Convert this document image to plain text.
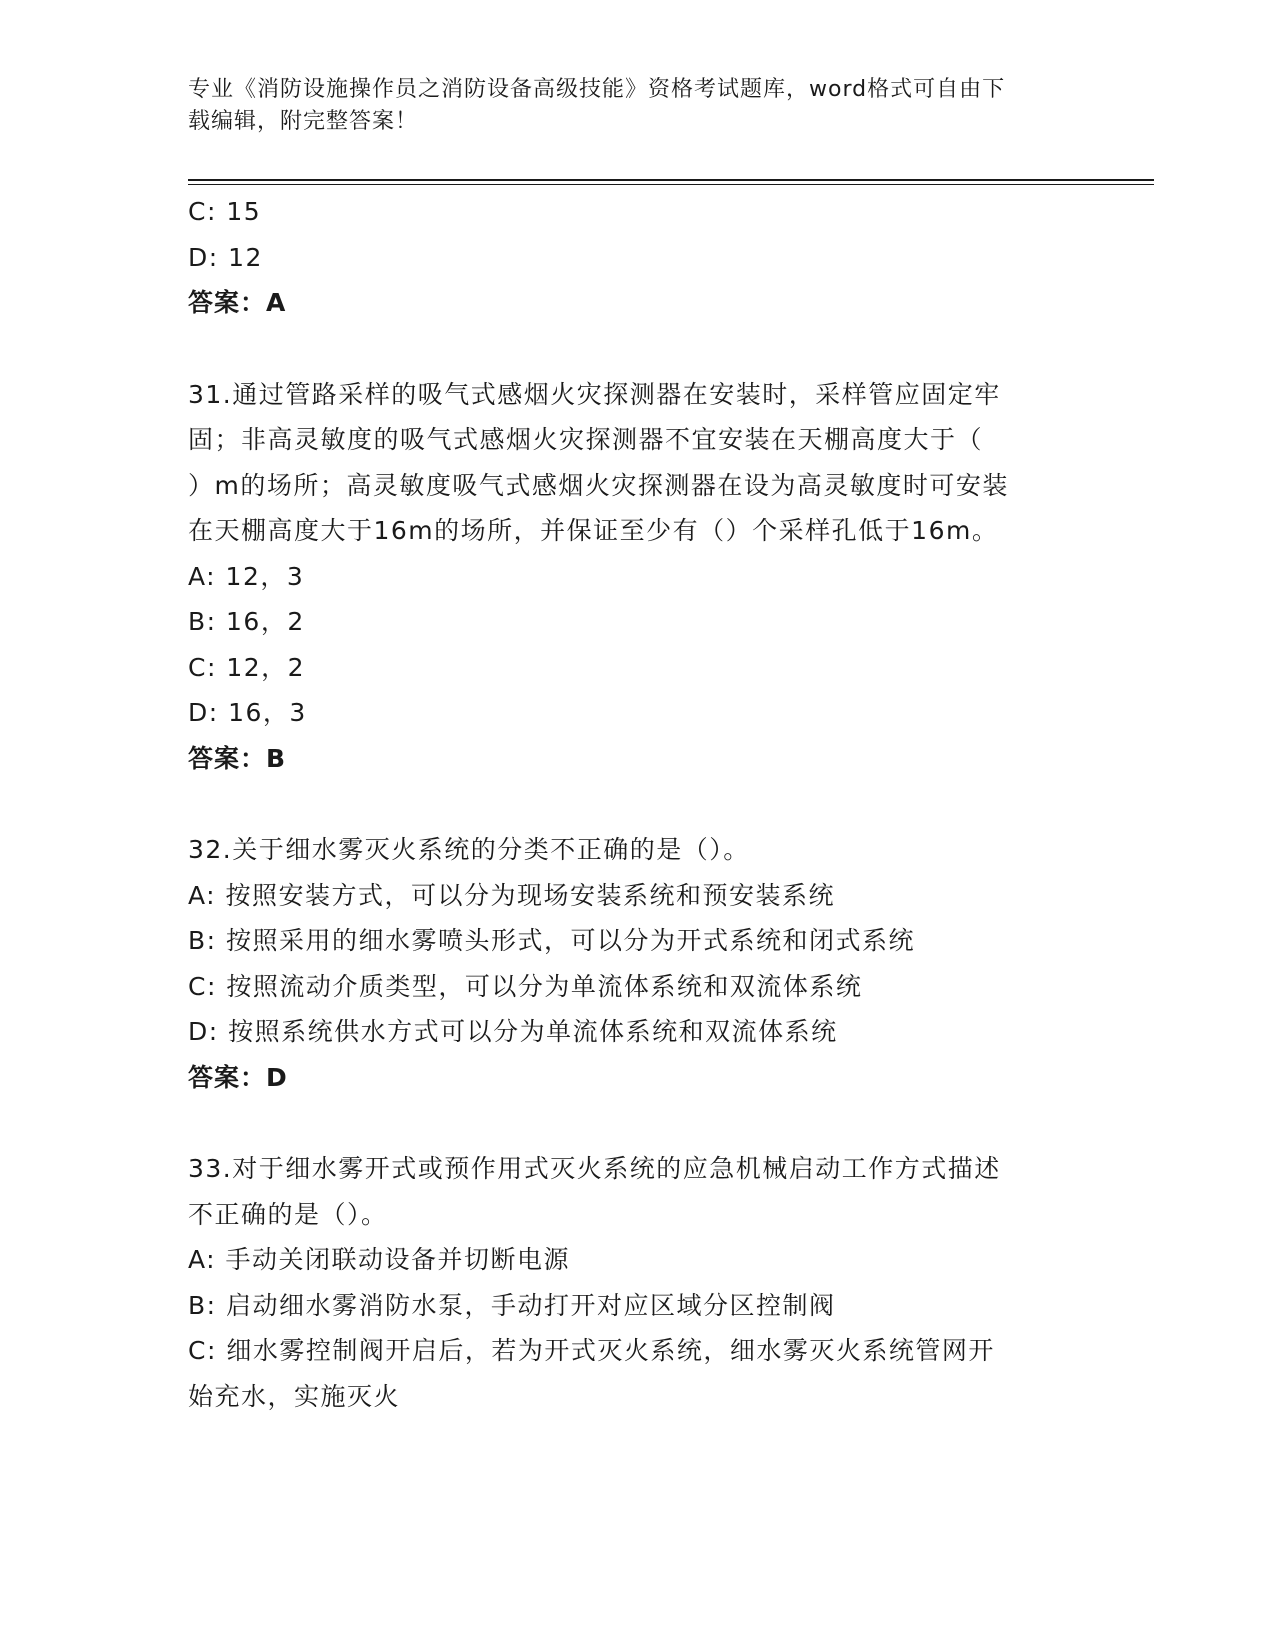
专业《消防设施操作员之消防设备高级技能》资格考试题库，word格式可自由下
载编辑，附完整答案！
C: 15
D: 12
答案：A
31.通过管路采样的吸气式感烟火灾探测器在安装时，采样管应固定牢
固；非高灵敏度的吸气式感烟火灾探测器不宜安装在天棚高度大于（
）m的场所；高灵敏度吸气式感烟火灾探测器在设为高灵敏度时可安装
在天棚高度大于16m的场所，并保证至少有（）个采样孔低于16m。
A: 12，3
B: 16，2
C: 12，2
D: 16，3
答案：B
32.关于细水雾灭火系统的分类不正确的是（）。
A: 按照安装方式，可以分为现场安装系统和预安装系统
B: 按照采用的细水雾喷头形式，可以分为开式系统和闭式系统
C: 按照流动介质类型，可以分为单流体系统和双流体系统
D: 按照系统供水方式可以分为单流体系统和双流体系统
答案：D
33.对于细水雾开式或预作用式灭火系统的应急机械启动工作方式描述
不正确的是（）。
A: 手动关闭联动设备并切断电源
B: 启动细水雾消防水泵，手动打开对应区域分区控制阀
C: 细水雾控制阀开启后，若为开式灭火系统，细水雾灭火系统管网开
始充水，实施灭火
